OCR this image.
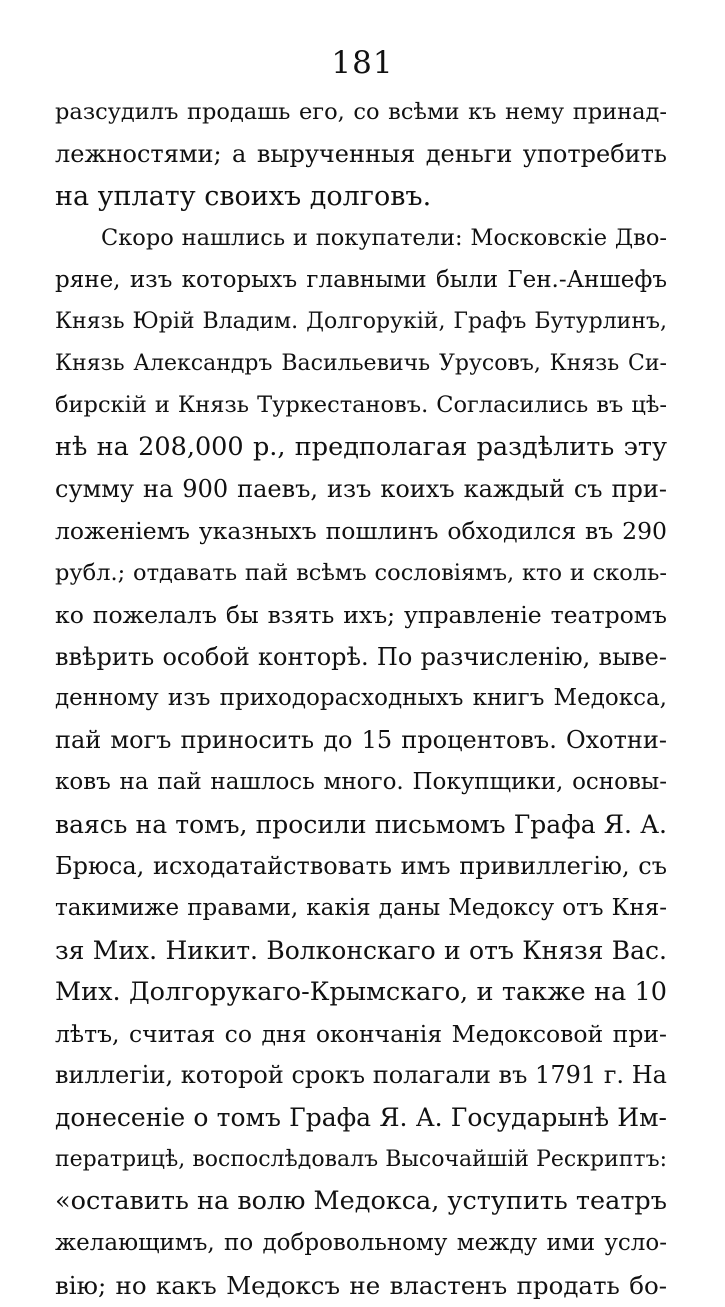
181
разсудилъ продашь его, со всѣми къ нему принад-
лежностями; а вырученныя деньги употребить
на уплату своихъ долговъ.
Скоро нашлись и покупатели: Московскіе Дво-
ряне, изъ которыхъ главными были Ген.-Аншефъ
Князь Юрій Владим. Долгорукій, Графъ Бутурлинъ,
Князь Александръ Васильевичь Урусовъ, Князь Си-
бирскій и Князь Туркестановъ. Согласились въ цѣ-
нѣ на 208,000 р., предполагая раздѣлить эту
сумму на 900 паевъ, изъ коихъ каждый съ при-
ложеніемъ указныхъ пошлинъ обходился въ 290
рубл.; отдавать пай всѣмъ сословіямъ, кто и сколь-
ко пожелалъ бы взять ихъ; управленіе театромъ
ввѣрить особой конторѣ. По разчисленію, выве-
денному изъ приходорасходныхъ книгъ Медокса,
пай могъ приносить до 15 процентовъ. Охотни-
ковъ на пай нашлось много. Покупщики, основы-
ваясь на томъ, просили письмомъ Графа Я. А.
Брюса, исходатайствовать имъ привиллегію, съ
такимиже правами, какія даны Медоксу отъ Кня-
зя Мих. Никит. Волконскаго и отъ Князя Вас.
Мих. Долгорукаго-Крымскаго, и также на 10
лѣтъ, считая со дня окончанія Медоксовой при-
виллегіи, которой срокъ полагали въ 1791 г. На
донесеніе о томъ Графа Я. А. Государынѣ Им-
ператрицѣ, воспослѣдовалъ Высочайшій Рескриптъ:
«оставить на волю Медокса, уступить театръ
желающимъ, по добровольному между ими усло-
вію; но какъ Медоксъ не властенъ продать бо-
